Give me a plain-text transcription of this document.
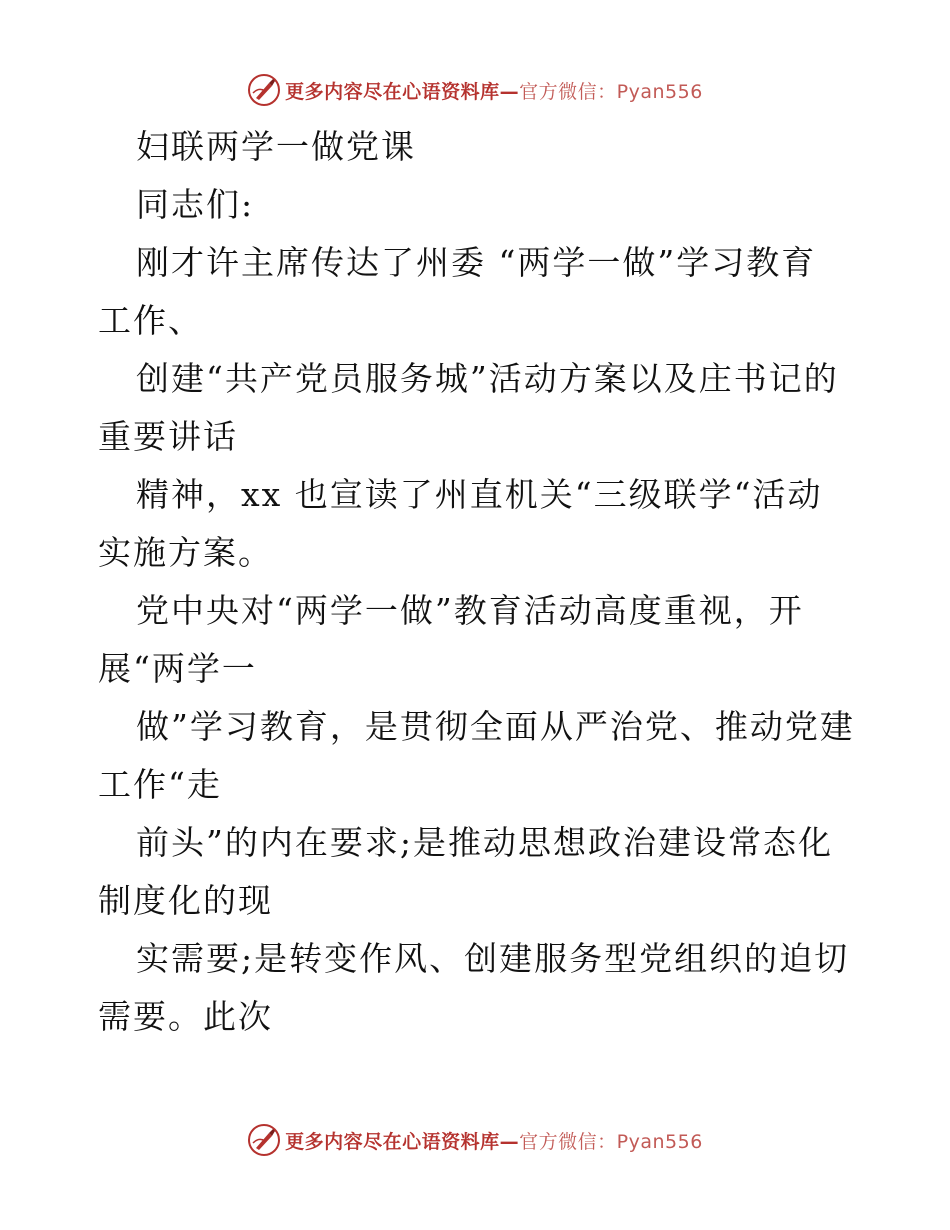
更多内容尽在心语资料库—官方微信：Pyan556
妇联两学一做党课
同志们:
刚才许主席传达了州委 “两学一做”学习教育
工作、
创建“共产党员服务城”活动方案以及庄书记的
重要讲话
精神，xx 也宣读了州直机关“三级联学“活动
实施方案。
党中央对“两学一做”教育活动高度重视，开
展“两学一
做”学习教育，是贯彻全面从严治党、推动党建
工作“走
前头”的内在要求;是推动思想政治建设常态化
制度化的现
实需要;是转变作风、创建服务型党组织的迫切
需要。此次
更多内容尽在心语资料库—官方微信：Pyan556
